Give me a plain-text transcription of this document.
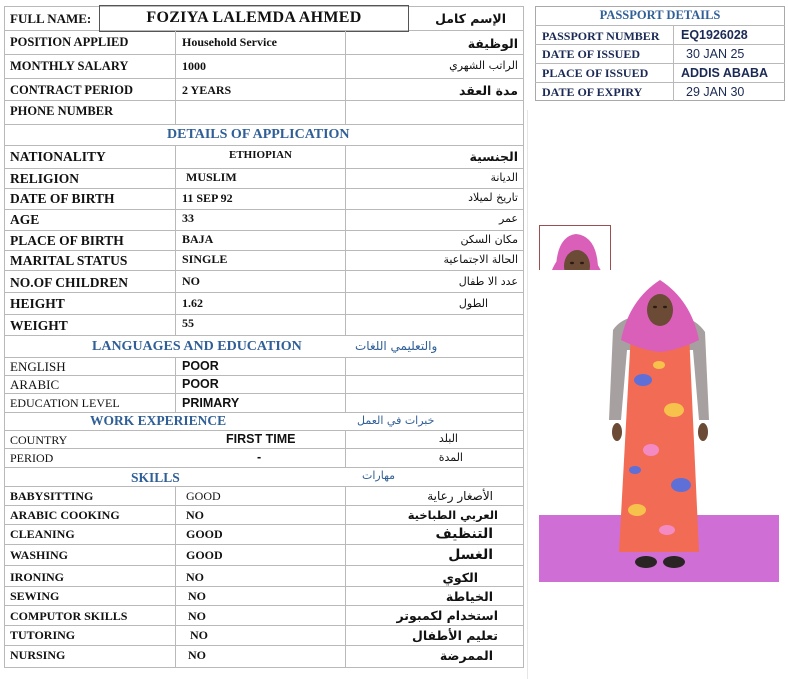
FULL NAME:	FOZIYA LALEMDA AHMED	الإسم كامل
POSITION APPLIED	Household Service	الوظيفة
MONTHLY SALARY	1000	الراتب الشهري
CONTRACT PERIOD	2 YEARS	مدة العقد
PHONE NUMBER
DETAILS OF APPLICATION
NATIONALITY	ETHIOPIAN	الجنسية
RELIGION	MUSLIM	الديانة
DATE OF BIRTH	11 SEP 92	تاريخ لميلاد
AGE	33	عمر
PLACE OF BIRTH	BAJA	مكان السكن
MARITAL STATUS	SINGLE	الحالة الاجتماعية
NO.OF CHILDREN	NO	عدد الا طفال
HEIGHT	1.62	الطول
WEIGHT	55
LANGUAGES AND EDUCATION	والتعليمي اللغات
ENGLISH	POOR
ARABIC	POOR
EDUCATION LEVEL	PRIMARY
WORK EXPERIENCE	خبرات في العمل
COUNTRY	FIRST TIME	البلد
PERIOD	-	المدة
SKILLS	مهارات
BABYSITTING	GOOD	الأصغار رعاية
ARABIC COOKING	NO	العربي الطباخية
CLEANING	GOOD	التنظيف
WASHING	GOOD	الغسل
IRONING	NO	الكوي
SEWING	NO	الخياطة
COMPUTOR SKILLS	NO	استخدام لكمبوتر
TUTORING	NO	تعليم الأطفال
NURSING	NO	الممرضة
PASSPORT DETAILS
PASSPORT NUMBER EQ1926028
DATE OF ISSUED	30 JAN 25
PLACE OF ISSUED	ADDIS ABABA
DATE OF EXPIRY	29 JAN 30
